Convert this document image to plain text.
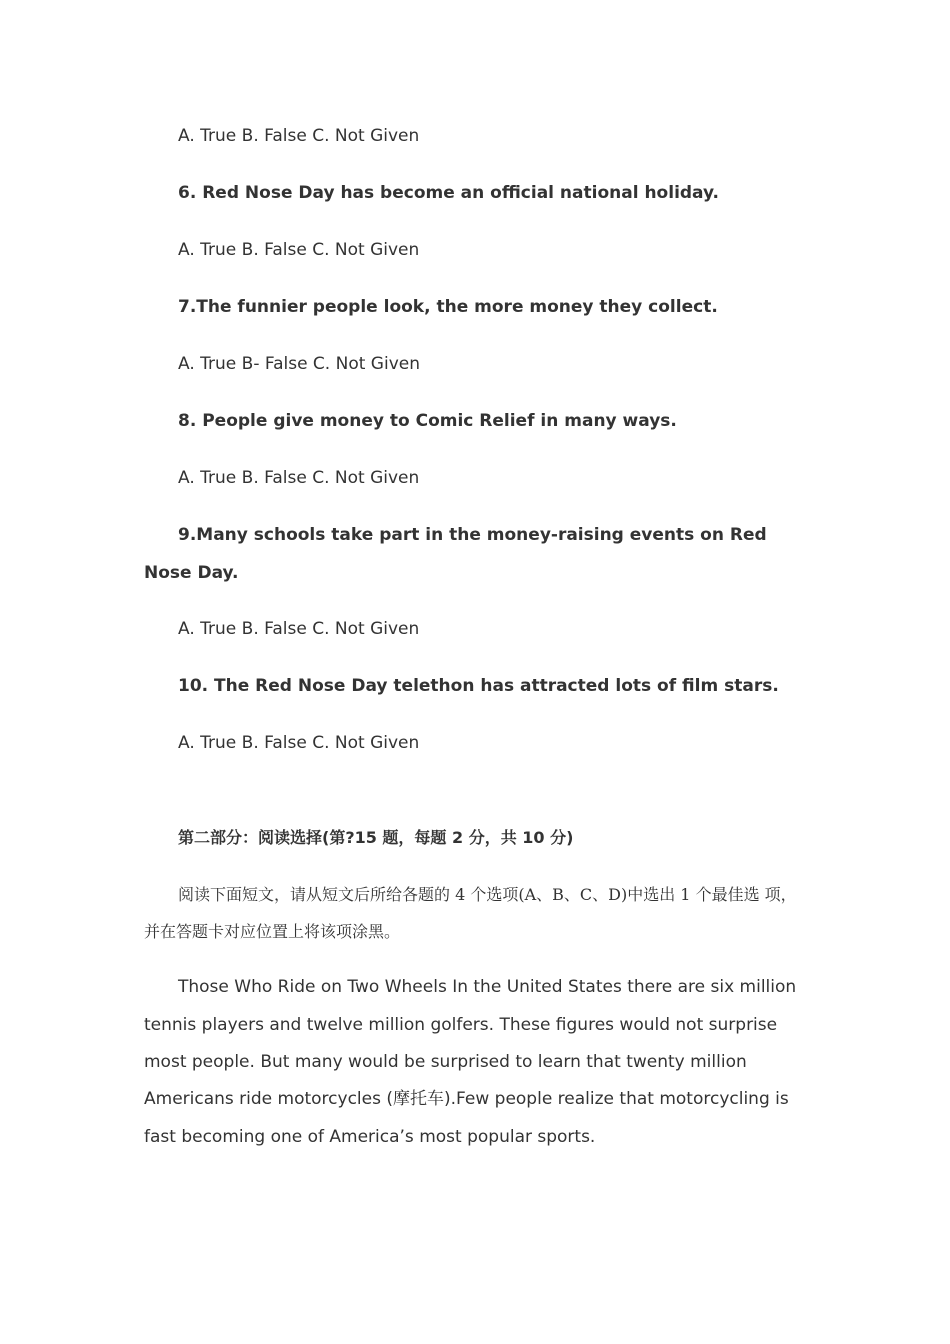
A. True B. False C. Not Given
6. Red Nose Day has become an official national holiday.
A. True B. False C. Not Given
7.The funnier people look, the more money they collect.
A. True B- False C. Not Given
8. People give money to Comic Relief in many ways.
A. True B. False C. Not Given
9.Many schools take part in the money-raising events on Red
Nose Day.
A. True B. False C. Not Given
10. The Red Nose Day telethon has attracted lots of film stars.
A. True B. False C. Not Given
第二部分：阅读选择(第?15 题，每题 2 分，共 10 分)
阅读下面短文，请从短文后所给各题的 4 个选项(A、B、C、D)中选出 1 个最佳选 项，
并在答题卡对应位置上将该项涂黑。
Those Who Ride on Two Wheels In the United States there are six million
tennis players and twelve million golfers. These figures would not surprise
most people. But many would be surprised to learn that twenty million
Americans ride motorcycles (摩托车).Few people realize that motorcycling is
fast becoming one of America’s most popular sports.
